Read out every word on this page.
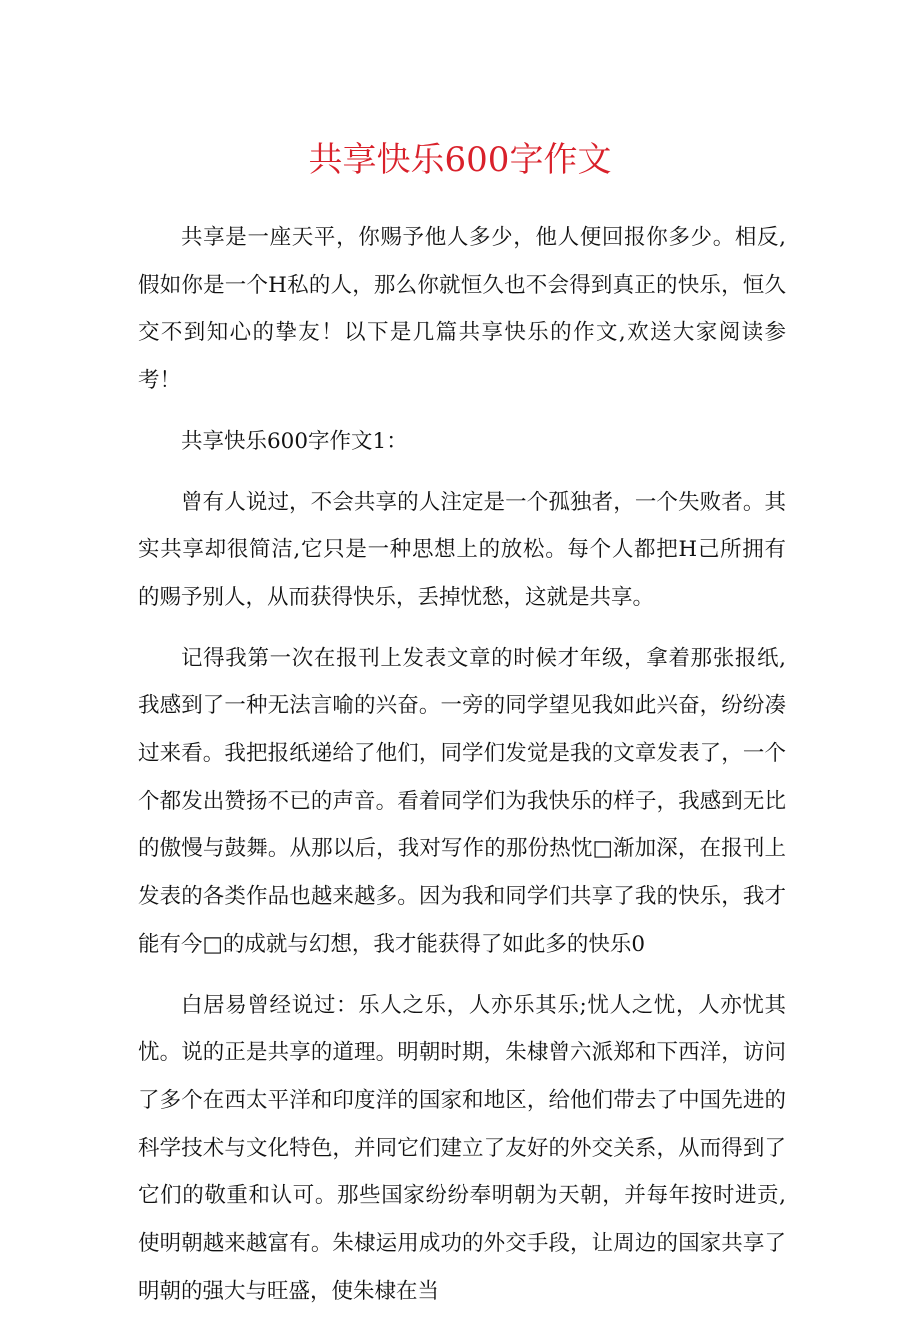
共享快乐600字作文

共享是一座天平，你赐予他人多少，他人便回报你多少。相反,假如你是一个H私的人，那么你就恒久也不会得到真正的快乐，恒久交不到知心的挚友！以下是几篇共享快乐的作文,欢送大家阅读参考！

共享快乐600字作文1：

曾有人说过，不会共享的人注定是一个孤独者，一个失败者。其实共享却很简洁,它只是一种思想上的放松。每个人都把H己所拥有的赐予别人，从而获得快乐，丢掉忧愁，这就是共享。

记得我第一次在报刊上发表文章的时候才年级，拿着那张报纸,我感到了一种无法言喻的兴奋。一旁的同学望见我如此兴奋，纷纷凑过来看。我把报纸递给了他们，同学们发觉是我的文章发表了，一个个都发出赞扬不已的声音。看着同学们为我快乐的样子，我感到无比的傲慢与鼓舞。从那以后，我对写作的那份热忱□渐加深，在报刊上发表的各类作品也越来越多。因为我和同学们共享了我的快乐，我才能有今□的成就与幻想，我才能获得了如此多的快乐0

白居易曾经说过：乐人之乐，人亦乐其乐;忧人之忧，人亦忧其忧。说的正是共享的道理。明朝时期，朱棣曾六派郑和下西洋，访问了多个在西太平洋和印度洋的国家和地区，给他们带去了中国先进的科学技术与文化特色，并同它们建立了友好的外交关系，从而得到了它们的敬重和认可。那些国家纷纷奉明朝为天朝，并每年按时进贡,使明朝越来越富有。朱棣运用成功的外交手段，让周边的国家共享了明朝的强大与旺盛，使朱棣在当
